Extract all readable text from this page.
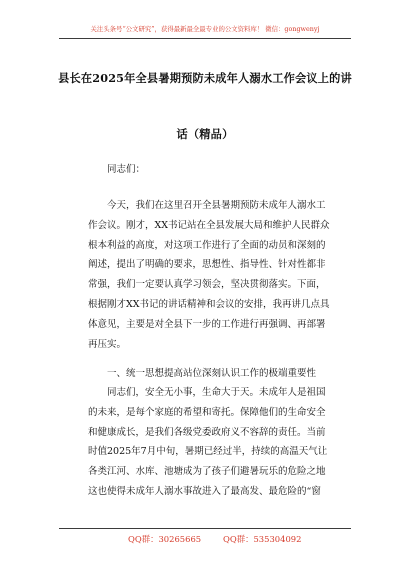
关注头条号“公文研究”，获得最新最全最专业的公文资料库！ 微信：gongwenyj
县长在2025年全县暑期预防未成年人溺水工作会议上的讲
话（精品）
同志们：
今天，我们在这里召开全县暑期预防未成年人溺水工
作会议。刚才，XX书记站在全县发展大局和维护人民群众
根本利益的高度，对这项工作进行了全面的动员和深刻的
阐述，提出了明确的要求，思想性、指导性、针对性都非
常强，我们一定要认真学习领会，坚决贯彻落实。下面，
根据刚才XX书记的讲话精神和会议的安排，我再讲几点具
体意见，主要是对全县下一步的工作进行再强调、再部署
再压实。
一、统一思想提高站位深刻认识工作的极端重要性
同志们，安全无小事，生命大于天。未成年人是祖国
的未来，是每个家庭的希望和寄托。保障他们的生命安全
和健康成长，是我们各级党委政府义不容辞的责任。当前
时值2025年7月中旬，暑期已经过半，持续的高温天气让
各类江河、水库、池塘成为了孩子们避暑玩乐的危险之地
这也使得未成年人溺水事故进入了最高发、最危险的“窗
QQ群：30265665	QQ群：535304092
